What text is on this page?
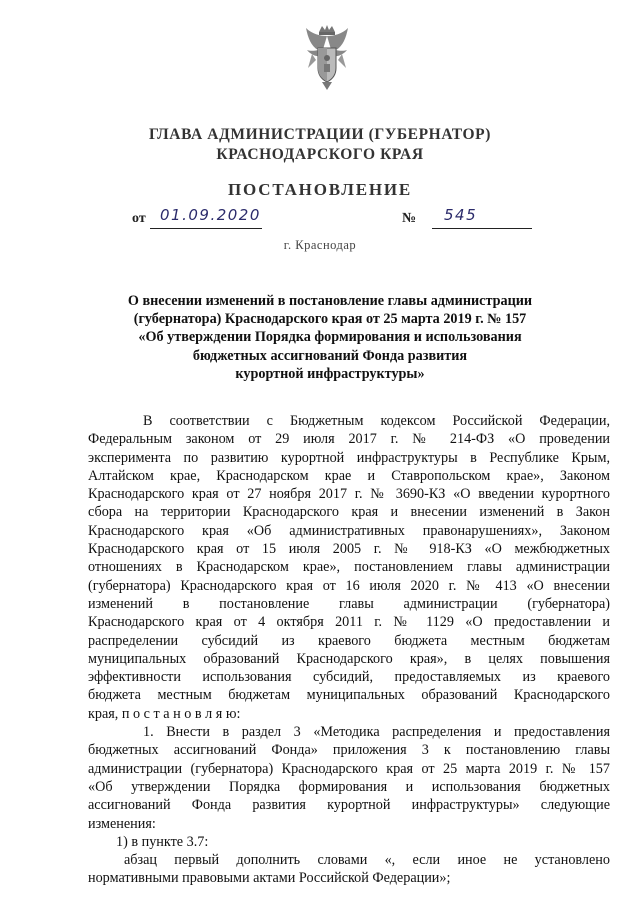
ГЛАВА АДМИНИСТРАЦИИ (ГУБЕРНАТОР)
КРАСНОДАРСКОГО КРАЯ
ПОСТАНОВЛЕНИЕ
от 01.09.2020	№ 545
г. Краснодар
О внесении изменений в постановление главы администрации
(губернатора) Краснодарского края от 25 марта 2019 г. № 157
«Об утверждении Порядка формирования и использования
бюджетных ассигнований Фонда развития
курортной инфраструктуры»
В соответствии с Бюджетным кодексом Российской Федерации,
Федеральным законом от 29 июля 2017 г. № 214-ФЗ «О проведении
эксперимента по развитию курортной инфраструктуры в Республике Крым,
Алтайском крае, Краснодарском крае и Ставропольском крае», Законом
Краснодарского края от 27 ноября 2017 г. № 3690-КЗ «О введении курортного
сбора на территории Краснодарского края и внесении изменений в Закон
Краснодарского края «Об административных правонарушениях», Законом
Краснодарского края от 15 июля 2005 г. № 918-КЗ «О межбюджетных
отношениях в Краснодарском крае», постановлением главы администрации
(губернатора) Краснодарского края от 16 июля 2020 г. № 413 «О внесении
изменений в постановление главы администрации (губернатора)
Краснодарского края от 4 октября 2011 г. № 1129 «О предоставлении и
распределении субсидий из краевого бюджета местным бюджетам
муниципальных образований Краснодарского края», в целях повышения
эффективности использования субсидий, предоставляемых из краевого
бюджета местным бюджетам муниципальных образований Краснодарского
края, п о с т а н о в л я ю:
1. Внести в раздел 3 «Методика распределения и предоставления
бюджетных ассигнований Фонда» приложения 3 к постановлению главы
администрации (губернатора) Краснодарского края от 25 марта 2019 г. № 157
«Об утверждении Порядка формирования и использования бюджетных
ассигнований Фонда развития курортной инфраструктуры» следующие
изменения:
1) в пункте 3.7:
абзац первый дополнить словами «, если иное не установлено
нормативными правовыми актами Российской Федерации»;
